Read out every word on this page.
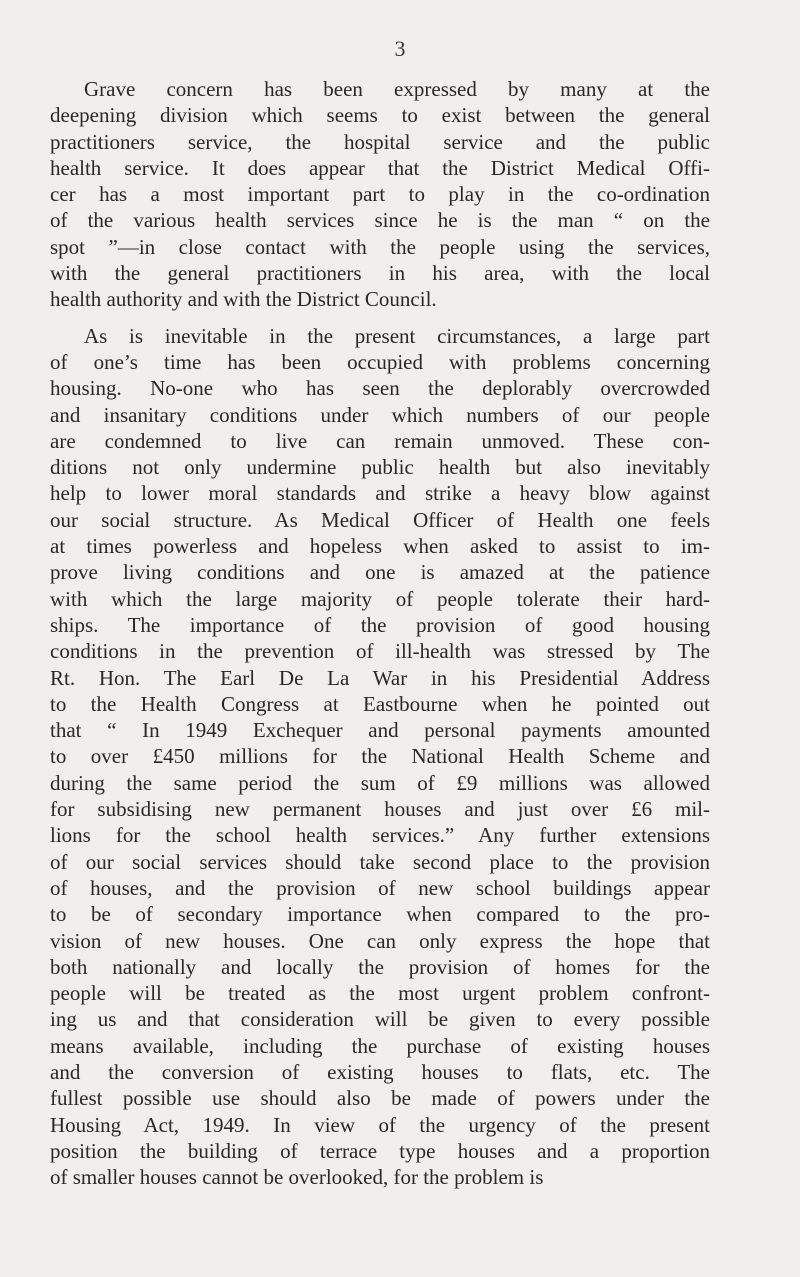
3
Grave concern has been expressed by many at the
deepening division which seems to exist between the general
practitioners service, the hospital service and the public
health service. It does appear that the District Medical Offi-
cer has a most important part to play in the co-ordination
of the various health services since he is the man “ on the
spot ”—in close contact with the people using the services,
with the general practitioners in his area, with the local
health authority and with the District Council.
As is inevitable in the present circumstances, a large part
of one’s time has been occupied with problems concerning
housing. No-one who has seen the deplorably overcrowded
and insanitary conditions under which numbers of our people
are condemned to live can remain unmoved. These con-
ditions not only undermine public health but also inevitably
help to lower moral standards and strike a heavy blow against
our social structure. As Medical Officer of Health one feels
at times powerless and hopeless when asked to assist to im-
prove living conditions and one is amazed at the patience
with which the large majority of people tolerate their hard-
ships. The importance of the provision of good housing
conditions in the prevention of ill-health was stressed by The
Rt. Hon. The Earl De La War in his Presidential Address
to the Health Congress at Eastbourne when he pointed out
that “ In 1949 Exchequer and personal payments amounted
to over £450 millions for the National Health Scheme and
during the same period the sum of £9 millions was allowed
for subsidising new permanent houses and just over £6 mil-
lions for the school health services.” Any further extensions
of our social services should take second place to the provision
of houses, and the provision of new school buildings appear
to be of secondary importance when compared to the pro-
vision of new houses. One can only express the hope that
both nationally and locally the provision of homes for the
people will be treated as the most urgent problem confront-
ing us and that consideration will be given to every possible
means available, including the purchase of existing houses
and the conversion of existing houses to flats, etc. The
fullest possible use should also be made of powers under the
Housing Act, 1949. In view of the urgency of the present
position the building of terrace type houses and a proportion
of smaller houses cannot be overlooked, for the problem is
